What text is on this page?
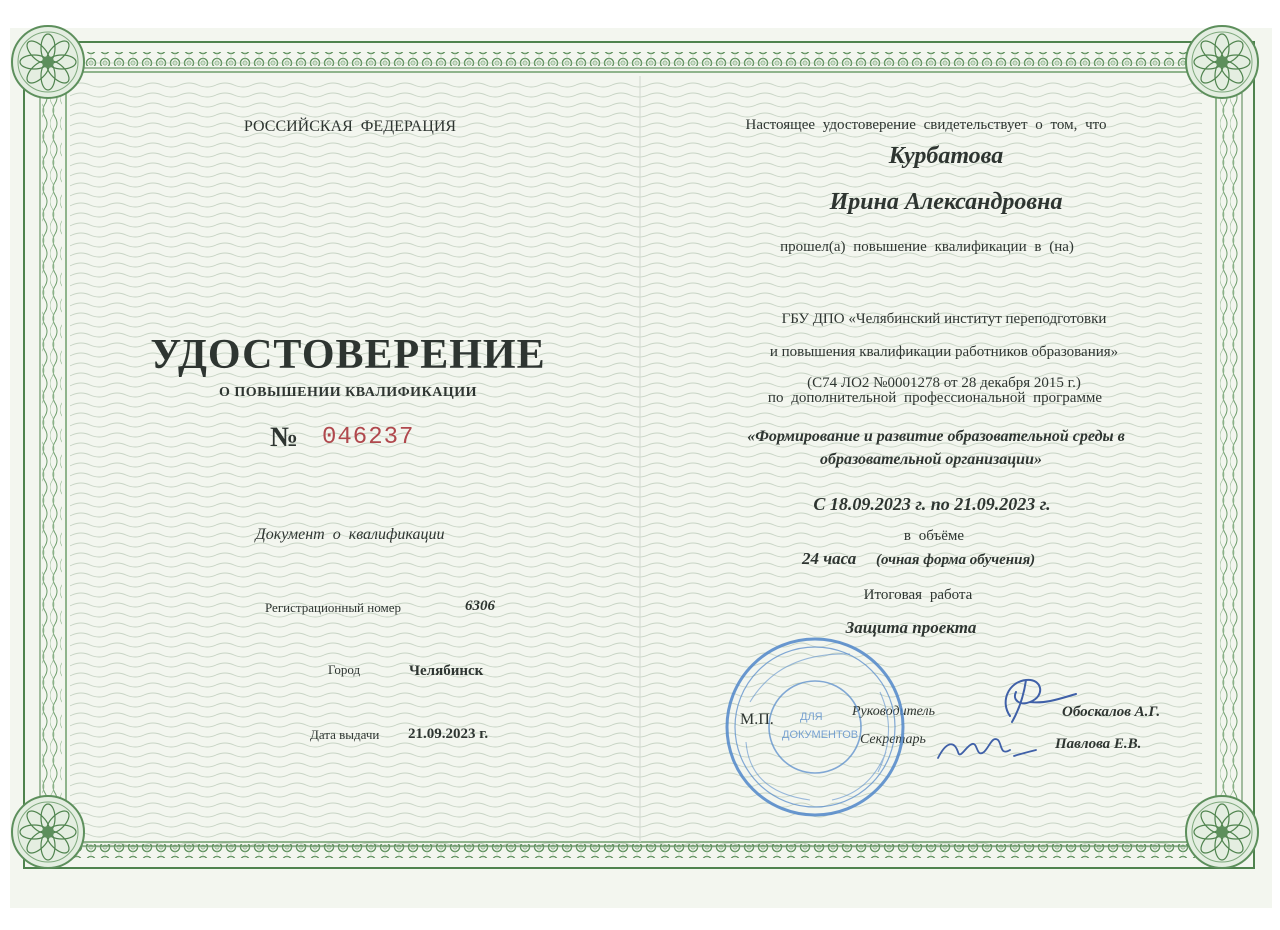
РОССИЙСКАЯ ФЕДЕРАЦИЯ
УДОСТОВЕРЕНИЕ
О ПОВЫШЕНИИ КВАЛИФИКАЦИИ
№ 046237
Документ о квалификации
Регистрационный номер	6306
Город	Челябинск
Дата выдачи 21.09.2023 г.
Настоящее удостоверение свидетельствует о том, что
Курбатова
Ирина Александровна
прошел(а) повышение квалификации в (на)
ГБУ ДПО «Челябинский институт переподготовки
и повышения квалификации работников образования»
(С74 ЛО2 №0001278 от 28 декабря 2015 г.)
по дополнительной профессиональной программе
«Формирование и развитие образовательной среды в
образовательной организации»
С 18.09.2023 г. по 21.09.2023 г.
в объёме
24 часа (очная форма обучения)
Итоговая работа
Защита проекта
М.П.	Руководитель	Обоскалов А.Г.
Секретарь	Павлова Е.В.
ДЛЯ
ДОКУМЕНТОВ
